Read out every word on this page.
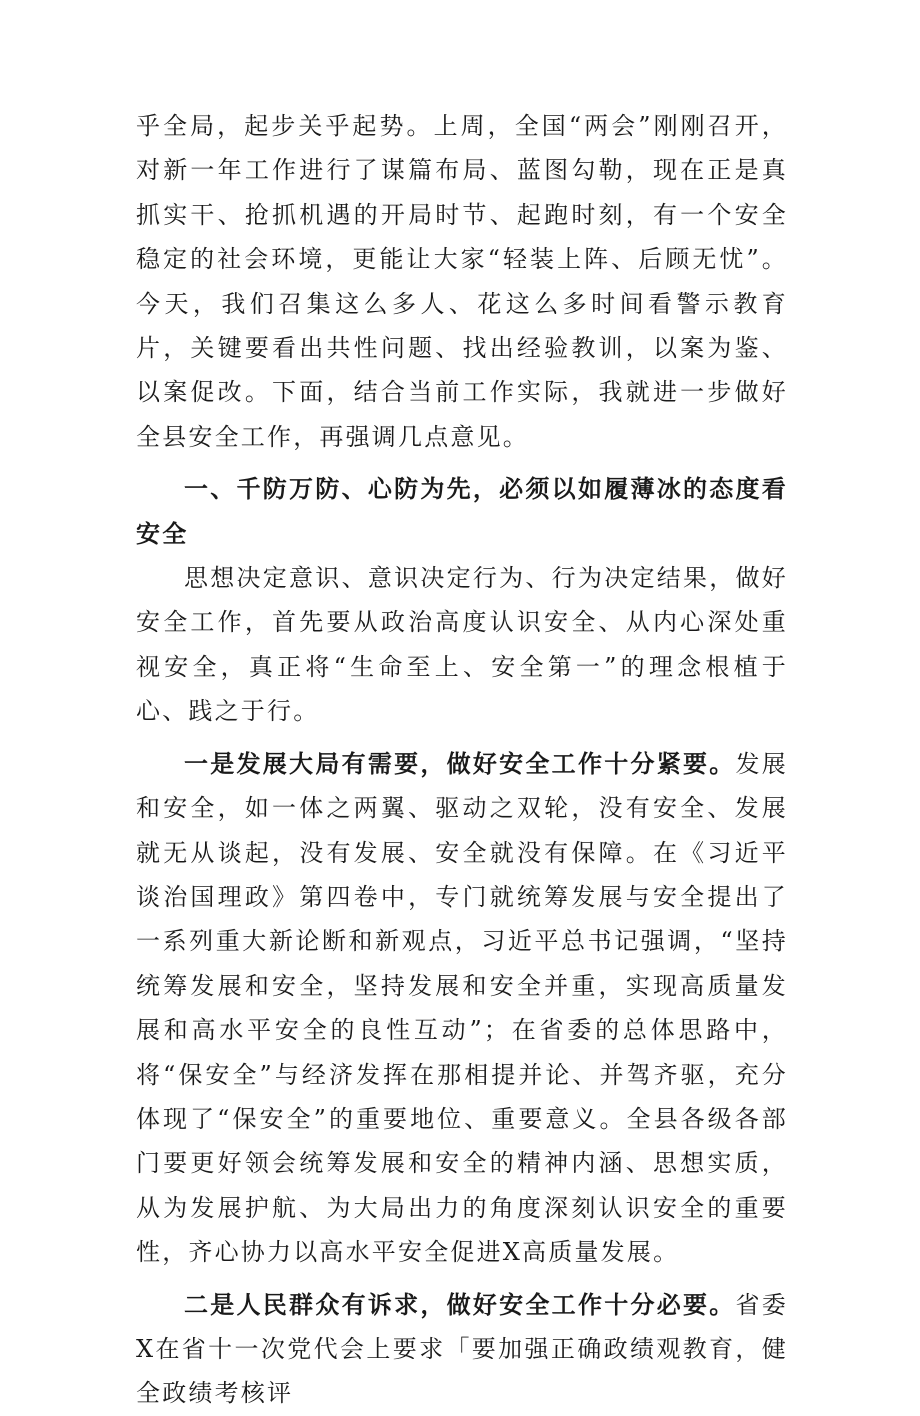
乎全局，起步关乎起势。上周，全国“两会”刚刚召开，对新一年工作进行了谋篇布局、蓝图勾勒，现在正是真抓实干、抢抓机遇的开局时节、起跑时刻，有一个安全稳定的社会环境，更能让大家“轻装上阵、后顾无忧”。今天，我们召集这么多人、花这么多时间看警示教育片，关键要看出共性问题、找出经验教训，以案为鉴、以案促改。下面，结合当前工作实际，我就进一步做好全县安全工作，再强调几点意见。

一、千防万防、心防为先，必须以如履薄冰的态度看安全

思想决定意识、意识决定行为、行为决定结果，做好安全工作，首先要从政治高度认识安全、从内心深处重视安全，真正将“生命至上、安全第一”的理念根植于心、践之于行。

一是发展大局有需要，做好安全工作十分紧要。发展和安全，如一体之两翼、驱动之双轮，没有安全、发展就无从谈起，没有发展、安全就没有保障。在《习近平谈治国理政》第四卷中，专门就统筹发展与安全提出了一系列重大新论断和新观点，习近平总书记强调，“坚持统筹发展和安全，坚持发展和安全并重，实现高质量发展和高水平安全的良性互动”；在省委的总体思路中，将“保安全”与经济发挥在那相提并论、并驾齐驱，充分体现了“保安全”的重要地位、重要意义。全县各级各部门要更好领会统筹发展和安全的精神内涵、思想实质，从为发展护航、为大局出力的角度深刻认识安全的重要性，齐心协力以高水平安全促进X高质量发展。

二是人民群众有诉求，做好安全工作十分必要。省委X在省十一次党代会上要求「要加强正确政绩观教育，健全政绩考核评
